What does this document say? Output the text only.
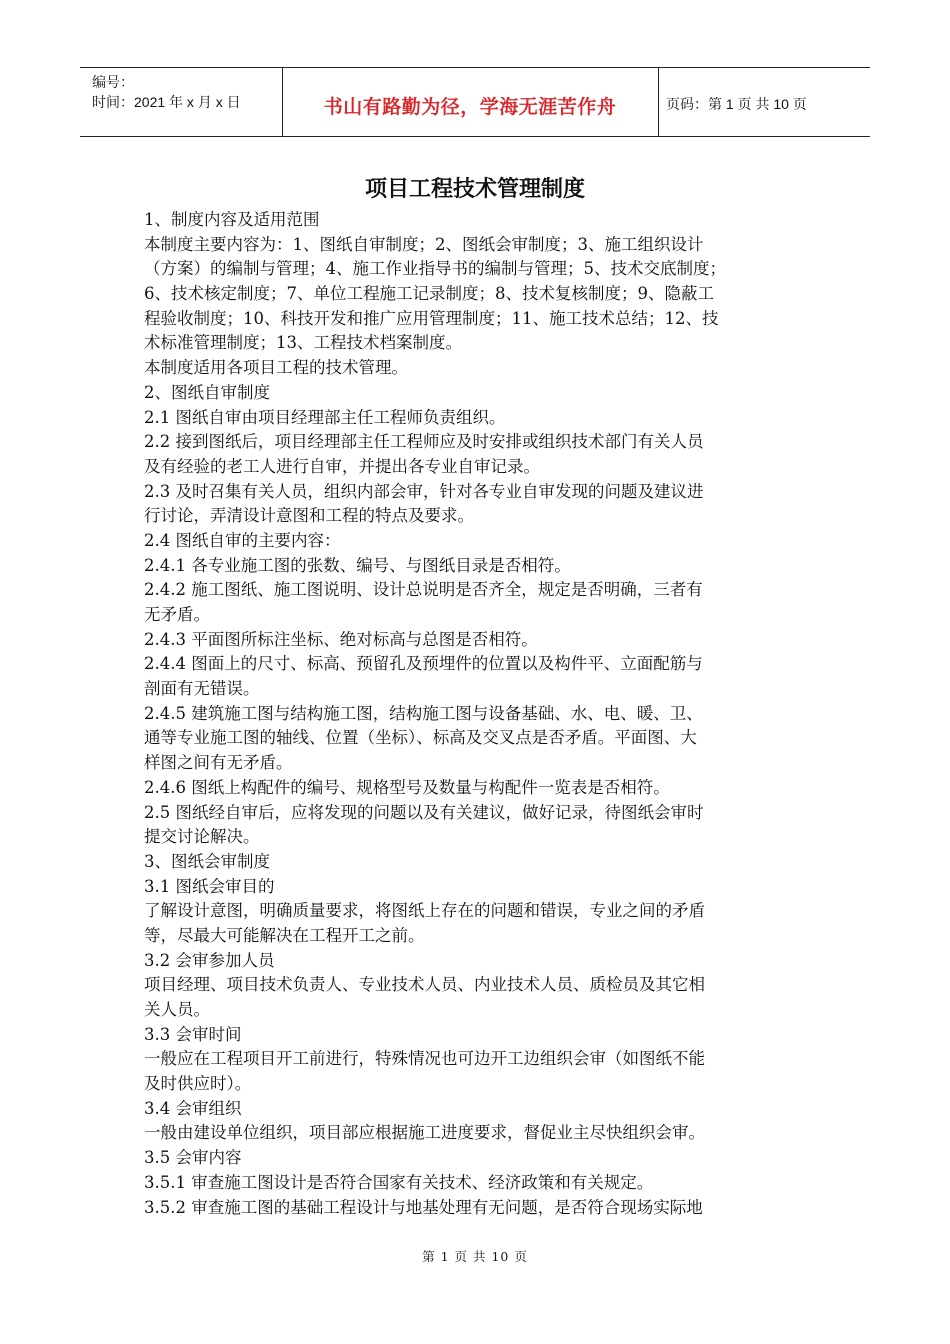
编号：
时间：2021 年 x 月 x 日	书山有路勤为径，学海无涯苦作舟	页码：第 1 页 共 10 页
项目工程技术管理制度
1、制度内容及适用范围
本制度主要内容为：1、图纸自审制度；2、图纸会审制度；3、施工组织设计
（方案）的编制与管理；4、施工作业指导书的编制与管理；5、技术交底制度；
6、技术核定制度；7、单位工程施工记录制度；8、技术复核制度；9、隐蔽工
程验收制度；10、科技开发和推广应用管理制度；11、施工技术总结；12、技
术标准管理制度；13、工程技术档案制度。
本制度适用各项目工程的技术管理。
2、图纸自审制度
2.1 图纸自审由项目经理部主任工程师负责组织。
2.2 接到图纸后，项目经理部主任工程师应及时安排或组织技术部门有关人员
及有经验的老工人进行自审，并提出各专业自审记录。
2.3 及时召集有关人员，组织内部会审，针对各专业自审发现的问题及建议进
行讨论，弄清设计意图和工程的特点及要求。
2.4 图纸自审的主要内容：
2.4.1 各专业施工图的张数、编号、与图纸目录是否相符。
2.4.2 施工图纸、施工图说明、设计总说明是否齐全，规定是否明确，三者有
无矛盾。
2.4.3 平面图所标注坐标、绝对标高与总图是否相符。
2.4.4 图面上的尺寸、标高、预留孔及预埋件的位置以及构件平、立面配筋与
剖面有无错误。
2.4.5 建筑施工图与结构施工图，结构施工图与设备基础、水、电、暖、卫、
通等专业施工图的轴线、位置（坐标）、标高及交叉点是否矛盾。平面图、大
样图之间有无矛盾。
2.4.6 图纸上构配件的编号、规格型号及数量与构配件一览表是否相符。
2.5 图纸经自审后，应将发现的问题以及有关建议，做好记录，待图纸会审时
提交讨论解决。
3、图纸会审制度
3.1 图纸会审目的
了解设计意图，明确质量要求，将图纸上存在的问题和错误，专业之间的矛盾
等，尽最大可能解决在工程开工之前。
3.2 会审参加人员
项目经理、项目技术负责人、专业技术人员、内业技术人员、质检员及其它相
关人员。
3.3 会审时间
一般应在工程项目开工前进行，特殊情况也可边开工边组织会审（如图纸不能
及时供应时）。
3.4 会审组织
一般由建设单位组织，项目部应根据施工进度要求，督促业主尽快组织会审。
3.5 会审内容
3.5.1 审查施工图设计是否符合国家有关技术、经济政策和有关规定。
3.5.2 审查施工图的基础工程设计与地基处理有无问题，是否符合现场实际地
第 1 页 共 10 页
